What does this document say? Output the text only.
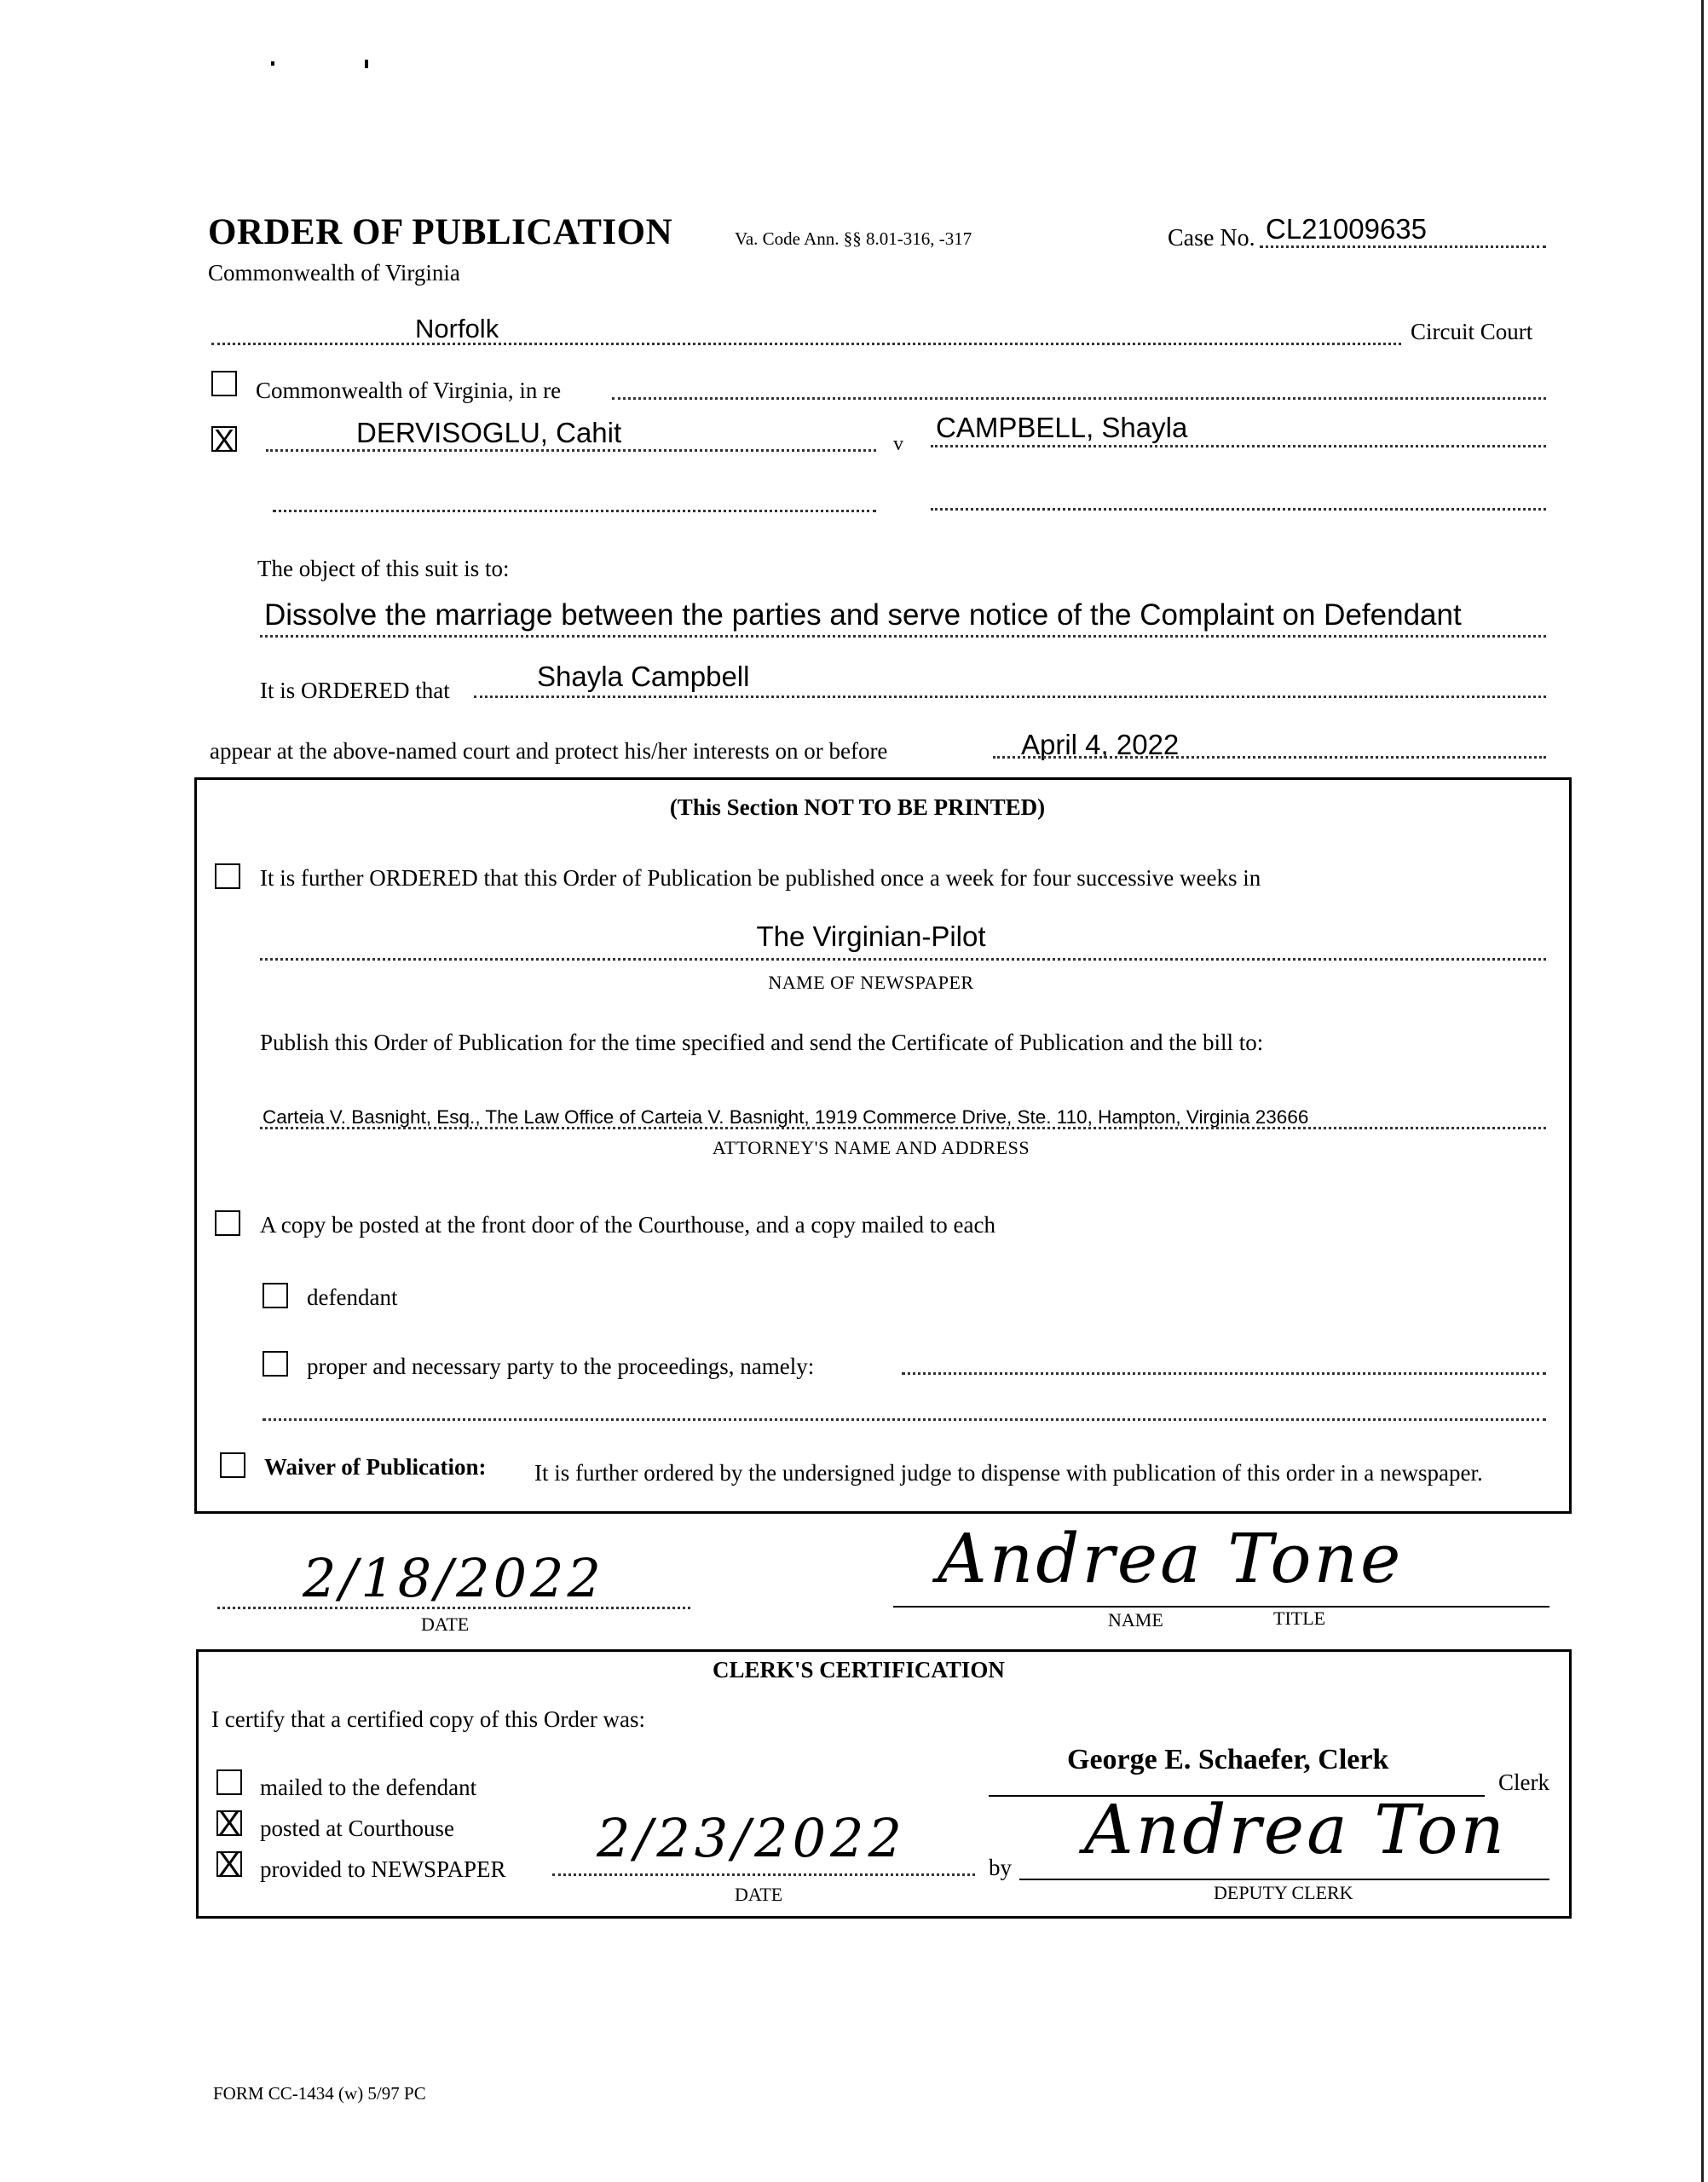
ORDER OF PUBLICATION
Commonwealth of Virginia
Va. Code Ann. §§ 8.01-316, -317	Case No. CL21009635
Norfolk	Circuit Court
Commonwealth of Virginia, in re
X	DERVISOGLU, Cahit	v
CAMPBELL, Shayla
The object of this suit is to:
Dissolve the marriage between the parties and serve notice of the Complaint on Defendant
It is ORDERED that	Shayla Campbell
appear at the above-named court and protect his/her interests on or before	April 4, 2022
(This Section NOT TO BE PRINTED)
It is further ORDERED that this Order of Publication be published once a week for four successive weeks in
The Virginian-Pilot
NAME OF NEWSPAPER
Publish this Order of Publication for the time specified and send the Certificate of Publication and the bill to:
Carteia V. Basnight, Esq., The Law Office of Carteia V. Basnight, 1919 Commerce Drive, Ste. 110, Hampton, Virginia 23666
ATTORNEY'S NAME AND ADDRESS
A copy be posted at the front door of the Courthouse, and a copy mailed to each
defendant
proper and necessary party to the proceedings, namely:
Waiver of Publication: It is further ordered by the undersigned judge to dispense with publication of this order in a newspaper.
2/18/2022
DATE
Andrea Tone
NAME	TITLE
CLERK'S CERTIFICATION
I certify that a certified copy of this Order was:
George E. Schaefer, Clerk
Clerk
mailed to the defendant
X posted at Courthouse
X provided to NEWSPAPER 2/23/2022
DATE
by Andrea Ton
DEPUTY CLERK
FORM CC-1434 (w) 5/97 PC
